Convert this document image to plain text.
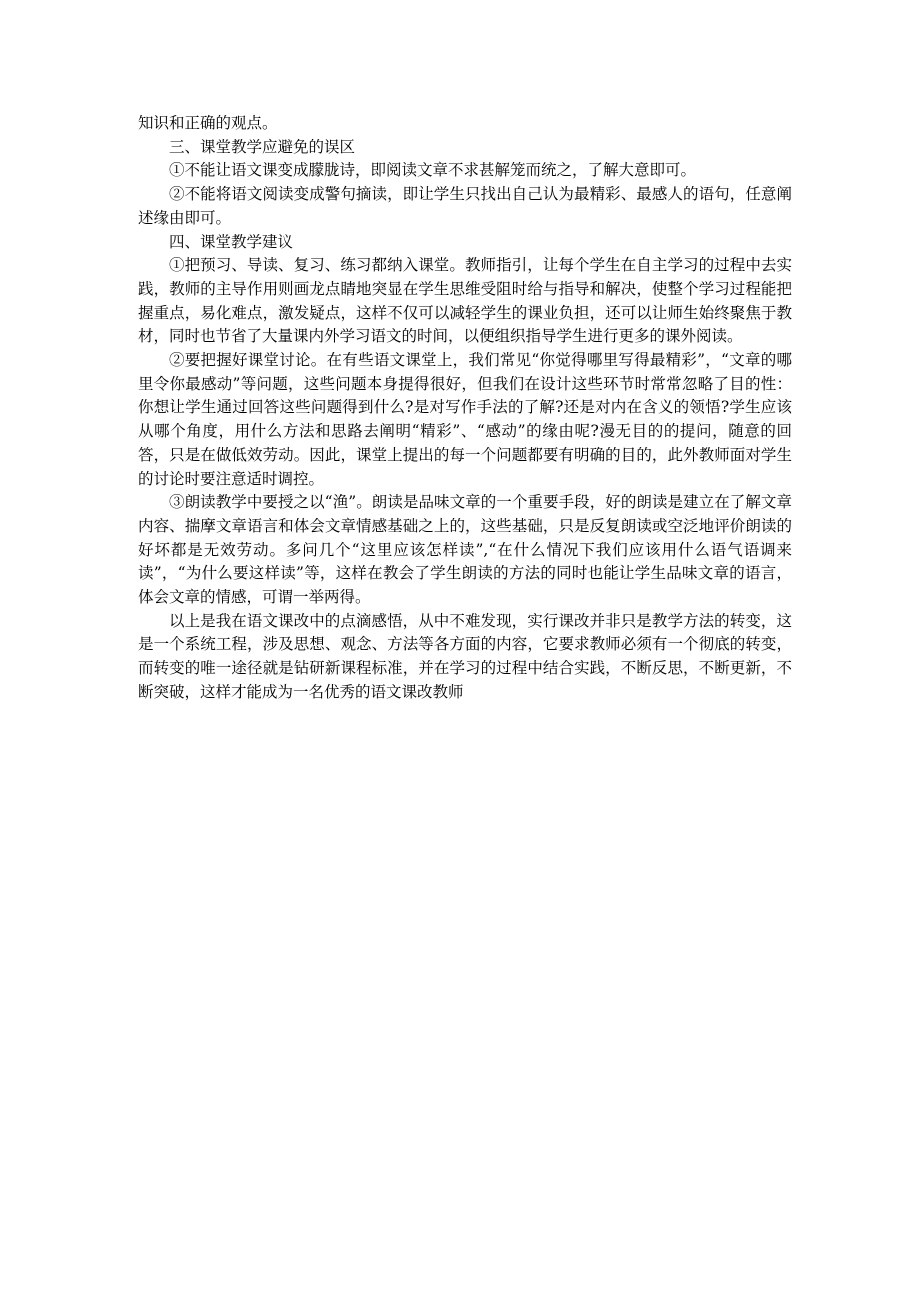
知识和正确的观点。

三、课堂教学应避免的误区

①不能让语文课变成朦胧诗，即阅读文章不求甚解笼而统之，了解大意即可。

②不能将语文阅读变成警句摘读，即让学生只找出自己认为最精彩、最感人的语句，任意阐述缘由即可。

四、课堂教学建议

①把预习、导读、复习、练习都纳入课堂。教师指引，让每个学生在自主学习的过程中去实践，教师的主导作用则画龙点睛地突显在学生思维受阻时给与指导和解决，使整个学习过程能把握重点，易化难点，激发疑点，这样不仅可以减轻学生的课业负担，还可以让师生始终聚焦于教材，同时也节省了大量课内外学习语文的时间，以便组织指导学生进行更多的课外阅读。

②要把握好课堂讨论。在有些语文课堂上，我们常见“你觉得哪里写得最精彩”，“文章的哪里令你最感动”等问题，这些问题本身提得很好，但我们在设计这些环节时常常忽略了目的性：你想让学生通过回答这些问题得到什么?是对写作手法的了解?还是对内在含义的领悟?学生应该从哪个角度，用什么方法和思路去阐明“精彩”、“感动”的缘由呢?漫无目的的提问，随意的回答，只是在做低效劳动。因此，课堂上提出的每一个问题都要有明确的目的，此外教师面对学生的讨论时要注意适时调控。

③朗读教学中要授之以“渔”。朗读是品味文章的一个重要手段，好的朗读是建立在了解文章内容、揣摩文章语言和体会文章情感基础之上的，这些基础，只是反复朗读或空泛地评价朗读的好坏都是无效劳动。多问几个“这里应该怎样读”,“在什么情况下我们应该用什么语气语调来读”，“为什么要这样读”等，这样在教会了学生朗读的方法的同时也能让学生品味文章的语言，体会文章的情感，可谓一举两得。

以上是我在语文课改中的点滴感悟，从中不难发现，实行课改并非只是教学方法的转变，这是一个系统工程，涉及思想、观念、方法等各方面的内容，它要求教师必须有一个彻底的转变，而转变的唯一途径就是钻研新课程标准，并在学习的过程中结合实践，不断反思，不断更新，不断突破，这样才能成为一名优秀的语文课改教师
